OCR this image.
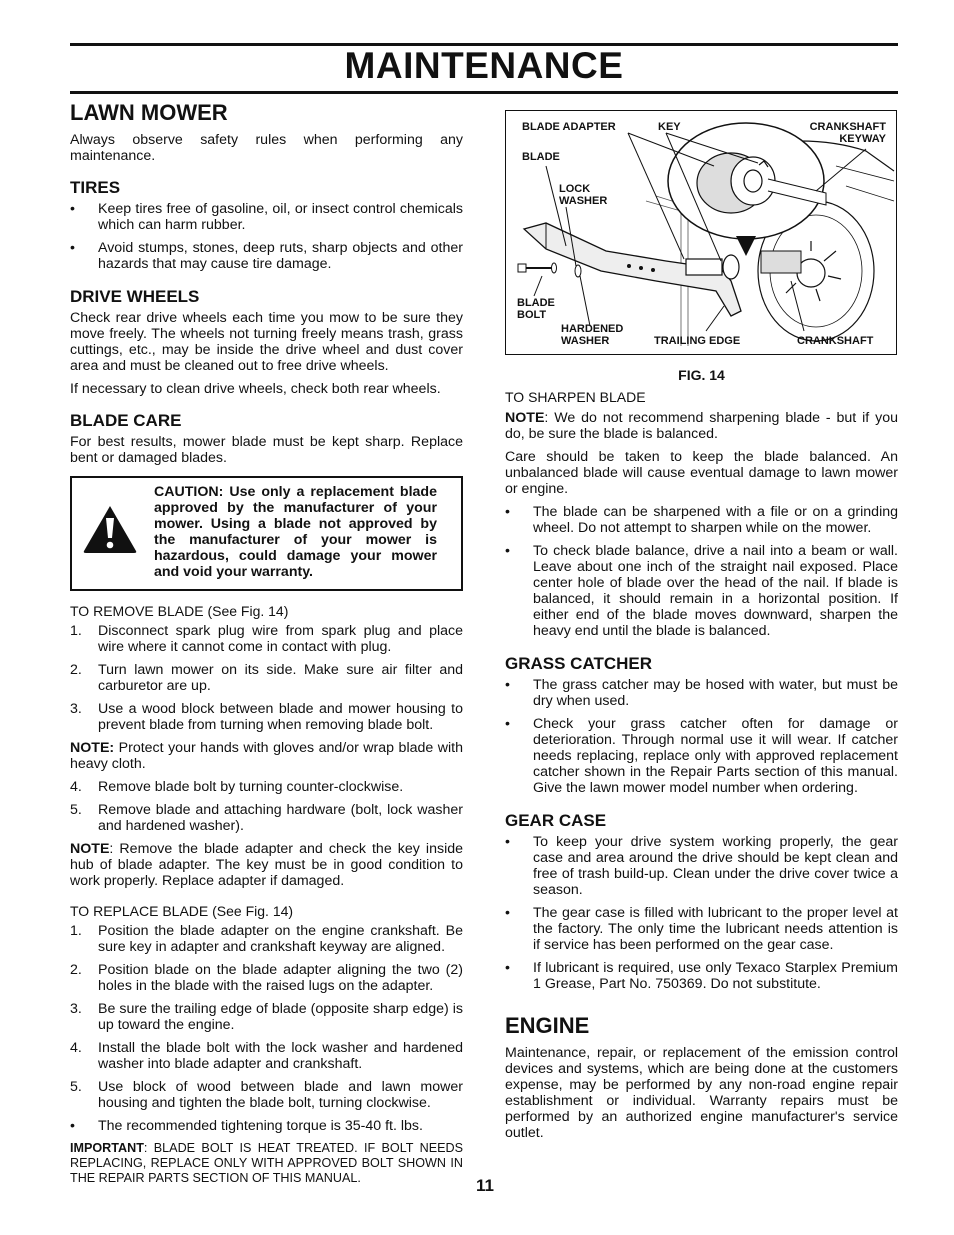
MAINTENANCE
LAWN MOWER

Always observe safety rules when performing any maintenance.

TIRES
• Keep tires free of gasoline, oil, or insect control chemicals which can harm rubber.
• Avoid stumps, stones, deep ruts, sharp objects and other hazards that may cause tire damage.
DRIVE WHEELS

Check rear drive wheels each time you mow to be sure they move freely. The wheels not turning freely means trash, grass cuttings, etc., may be inside the drive wheel and dust cover area and must be cleaned out to free drive wheels.

If necessary to clean drive wheels, check both rear wheels.

BLADE CARE

For best results, mower blade must be kept sharp. Replace bent or damaged blades.

CAUTION: Use only a replacement blade approved by the manufacturer of your mower. Using a blade not approved by the manufacturer of your mower is hazardous, could damage your mower and void your warranty.

TO REMOVE BLADE (See Fig. 14)

1. Disconnect spark plug wire from spark plug and place wire where it cannot come in contact with plug.
2. Turn lawn mower on its side. Make sure air filter and carburetor are up.
3. Use a wood block between blade and mower housing to prevent blade from turning when removing blade bolt.

NOTE: Protect your hands with gloves and/or wrap blade with heavy cloth.

4. Remove blade bolt by turning counter-clockwise.
5. Remove blade and attaching hardware (bolt, lock washer and hardened washer).

NOTE: Remove the blade adapter and check the key inside hub of blade adapter. The key must be in good condition to work properly. Replace adapter if damaged.

TO REPLACE BLADE (See Fig. 14)

1. Position the blade adapter on the engine crankshaft. Be sure key in adapter and crankshaft keyway are aligned.
2. Position blade on the blade adapter aligning the two (2) holes in the blade with the raised lugs on the adapter.
3. Be sure the trailing edge of blade (opposite sharp edge) is up toward the engine.
4. Install the blade bolt with the lock washer and hardened washer into blade adapter and crankshaft.
5. Use block of wood between blade and lawn mower housing and tighten the blade bolt, turning clockwise.
• The recommended tightening torque is 35-40 ft. lbs.

IMPORTANT: BLADE BOLT IS HEAT TREATED. IF BOLT NEEDS REPLACING, REPLACE ONLY WITH APPROVED BOLT SHOWN IN THE REPAIR PARTS SECTION OF THIS MANUAL.

BLADE ADAPTER	KEY	CRANKSHAFT
KEYWAY
BLADE
LOCK
WASHER
BLADE
BOLT
HARDENED
WASHER	TRAILING EDGE	CRANKSHAFT
FIG. 14

TO SHARPEN BLADE

NOTE: We do not recommend sharpening blade - but if you do, be sure the blade is balanced.

Care should be taken to keep the blade balanced. An unbalanced blade will cause eventual damage to lawn mower or engine.

• The blade can be sharpened with a file or on a grinding wheel. Do not attempt to sharpen while on the mower.
• To check blade balance, drive a nail into a beam or wall. Leave about one inch of the straight nail exposed. Place center hole of blade over the head of the nail. If blade is balanced, it should remain in a horizontal position. If either end of the blade moves downward, sharpen the heavy end until the blade is balanced.
GRASS CATCHER
• The grass catcher may be hosed with water, but must be dry when used.
• Check your grass catcher often for damage or deterioration. Through normal use it will wear. If catcher needs replacing, replace only with approved replacement catcher shown in the Repair Parts section of this manual. Give the lawn mower model number when ordering.
GEAR CASE
• To keep your drive system working properly, the gear case and area around the drive should be kept clean and free of trash build-up. Clean under the drive cover twice a season.
• The gear case is filled with lubricant to the proper level at the factory. The only time the lubricant needs attention is if service has been performed on the gear case.
• If lubricant is required, use only Texaco Starplex Premium 1 Grease, Part No. 750369. Do not substitute.
ENGINE

Maintenance, repair, or replacement of the emission control devices and systems, which are being done at the customers expense, may be performed by any non-road engine repair establishment or individual. Warranty repairs must be performed by an authorized engine manufacturer's service outlet.

11
